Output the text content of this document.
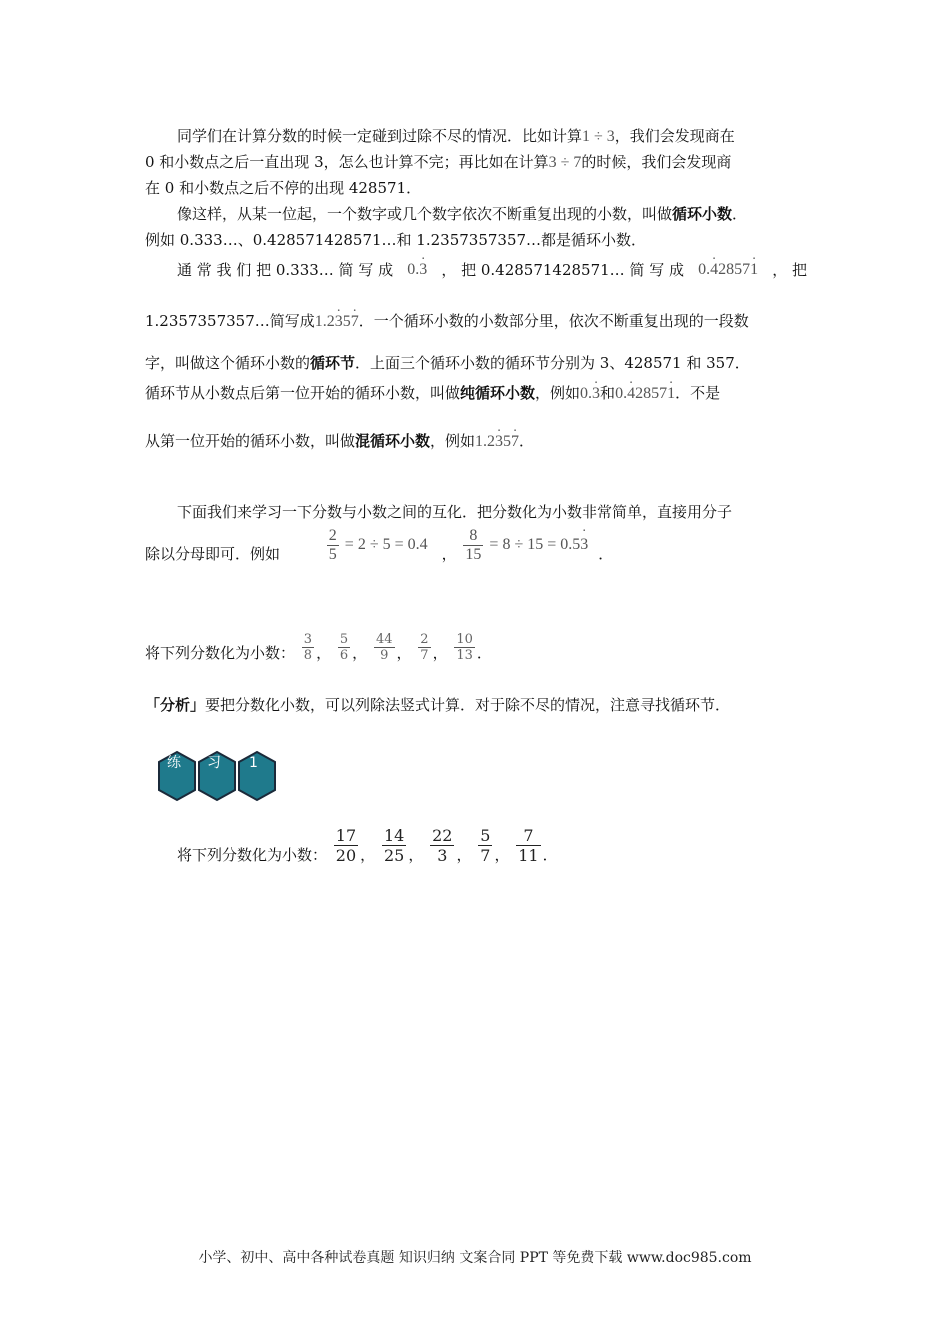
同学们在计算分数的时候一定碰到过除不尽的情况．比如计算1 ÷ 3，我们会发现商在
0 和小数点之后一直出现 3，怎么也计算不完；再比如在计算3 ÷ 7的时候，我们会发现商
在 0 和小数点之后不停的出现 428571．
像这样，从某一位起，一个数字或几个数字依次不断重复出现的小数，叫做循环小数．
例如 0.333…、0.428571428571…和 1.2357357357…都是循环小数．
通 常 我 们 把 0.333… 简 写 成 0.3 · ， 把 0.428571428571… 简 写 成 0.4 ·28571 · ， 把
1.2357357357…简写成1.23 ·57 ·．一个循环小数的小数部分里，依次不断重复出现的一段数
字，叫做这个循环小数的循环节．上面三个循环小数的循环节分别为 3、428571 和 357．
循环节从小数点后第一位开始的循环小数，叫做纯循环小数，例如0.3 ·和0.4 ·28571 ·．不是
从第一位开始的循环小数，叫做混循环小数，例如1.23 ·57 ·．
下面我们来学习一下分数与小数之间的互化．把分数化为小数非常简单，直接用分子
除以分母即可．例如	$\frac{2}{5} = 2 \div 5 = 0.4$ ， $\frac{8}{15} = 8 \div 15 = 0.53$ · ．
将下列分数化为小数： $\frac{3}{8}$ ， $\frac{5}{6}$ ， $\frac{44}{9}$ ， $\frac{2}{7}$ ， $\frac{10}{13}$ ．
「分析」要把分数化小数，可以列除法竖式计算．对于除不尽的情况，注意寻找循环节．
练 习 1
将下列分数化为小数： $\frac{17}{20}$ ， $\frac{14}{25}$ ， $\frac{22}{3}$ ， $\frac{5}{7}$ ， $\frac{7}{11}$ ．
小学、初中、高中各种试卷真题 知识归纳 文案合同 PPT 等免费下载 www.doc985.com
